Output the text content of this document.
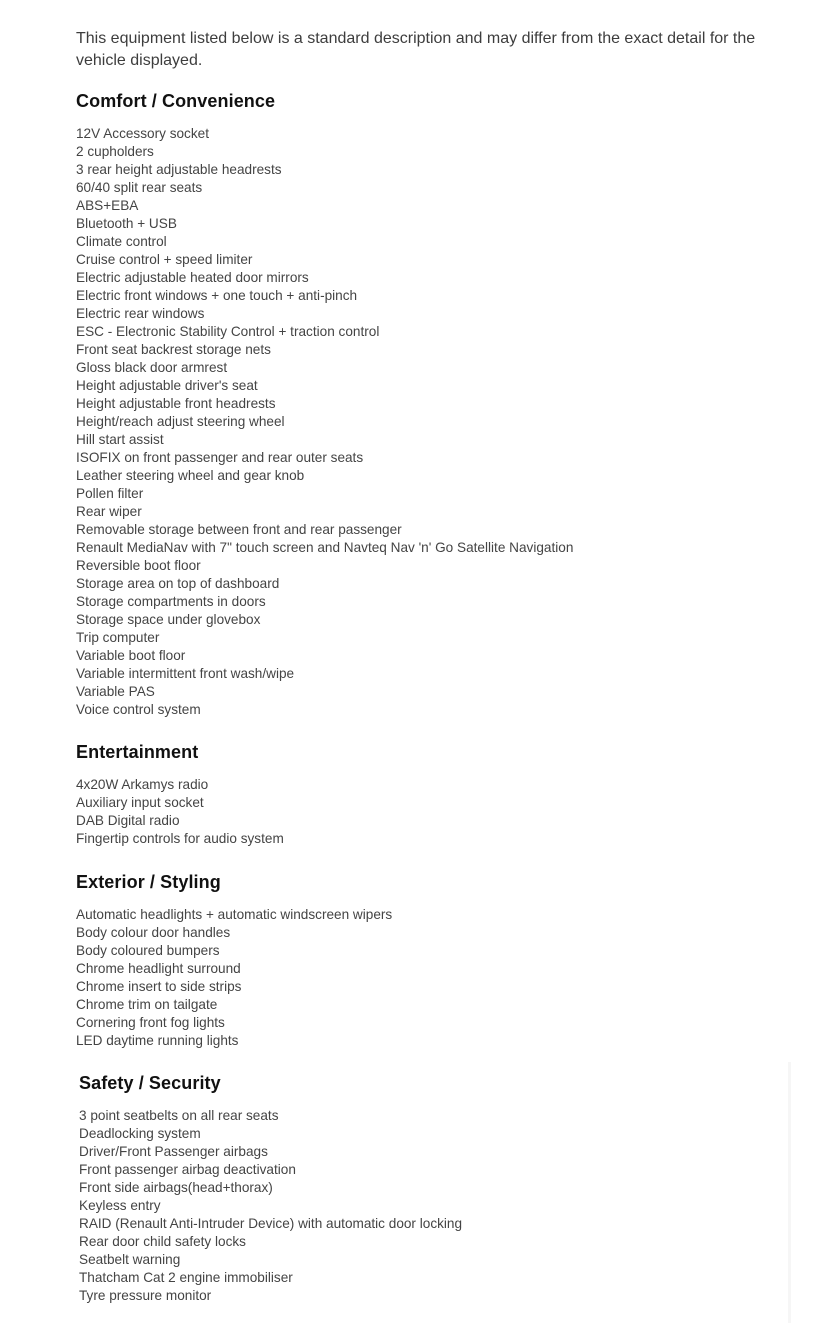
This equipment listed below is a standard description and may differ from the exact detail for the vehicle displayed.

Comfort / Convenience
12V Accessory socket
2 cupholders
3 rear height adjustable headrests
60/40 split rear seats
ABS+EBA
Bluetooth + USB
Climate control
Cruise control + speed limiter
Electric adjustable heated door mirrors
Electric front windows + one touch + anti-pinch
Electric rear windows
ESC - Electronic Stability Control + traction control
Front seat backrest storage nets
Gloss black door armrest
Height adjustable driver's seat
Height adjustable front headrests
Height/reach adjust steering wheel
Hill start assist
ISOFIX on front passenger and rear outer seats
Leather steering wheel and gear knob
Pollen filter
Rear wiper
Removable storage between front and rear passenger
Renault MediaNav with 7" touch screen and Navteq Nav 'n' Go Satellite Navigation
Reversible boot floor
Storage area on top of dashboard
Storage compartments in doors
Storage space under glovebox
Trip computer
Variable boot floor
Variable intermittent front wash/wipe
Variable PAS
Voice control system
Entertainment
4x20W Arkamys radio
Auxiliary input socket
DAB Digital radio
Fingertip controls for audio system
Exterior / Styling
Automatic headlights + automatic windscreen wipers
Body colour door handles
Body coloured bumpers
Chrome headlight surround
Chrome insert to side strips
Chrome trim on tailgate
Cornering front fog lights
LED daytime running lights
Safety / Security
3 point seatbelts on all rear seats
Deadlocking system
Driver/Front Passenger airbags
Front passenger airbag deactivation
Front side airbags(head+thorax)
Keyless entry
RAID (Renault Anti-Intruder Device) with automatic door locking
Rear door child safety locks
Seatbelt warning
Thatcham Cat 2 engine immobiliser
Tyre pressure monitor
